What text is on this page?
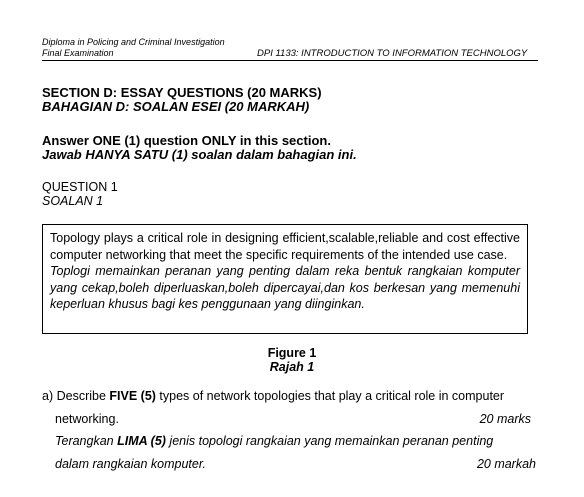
Diploma in Policing and Criminal Investigation
Final Examination	DPI 1133: INTRODUCTION TO INFORMATION TECHNOLOGY
SECTION D: ESSAY QUESTIONS (20 MARKS)
BAHAGIAN D: SOALAN ESEI (20 MARKAH)
Answer ONE (1) question ONLY in this section.
Jawab HANYA SATU (1) soalan dalam bahagian ini.
QUESTION 1
SOALAN 1

Topology plays a critical role in designing efficient,scalable,reliable and cost effective computer networking that meet the specific requirements of the intended use case.

Toplogi memainkan peranan yang penting dalam reka bentuk rangkaian komputer yang cekap,boleh diperluaskan,boleh dipercayai,dan kos berkesan yang memenuhi keperluan khusus bagi kes penggunaan yang diinginkan.

Figure 1
Rajah 1
a) Describe FIVE (5) types of network topologies that play a critical role in computer
networking.	20 marks
Terangkan LIMA (5) jenis topologi rangkaian yang memainkan peranan penting
dalam rangkaian komputer.	20 markah
